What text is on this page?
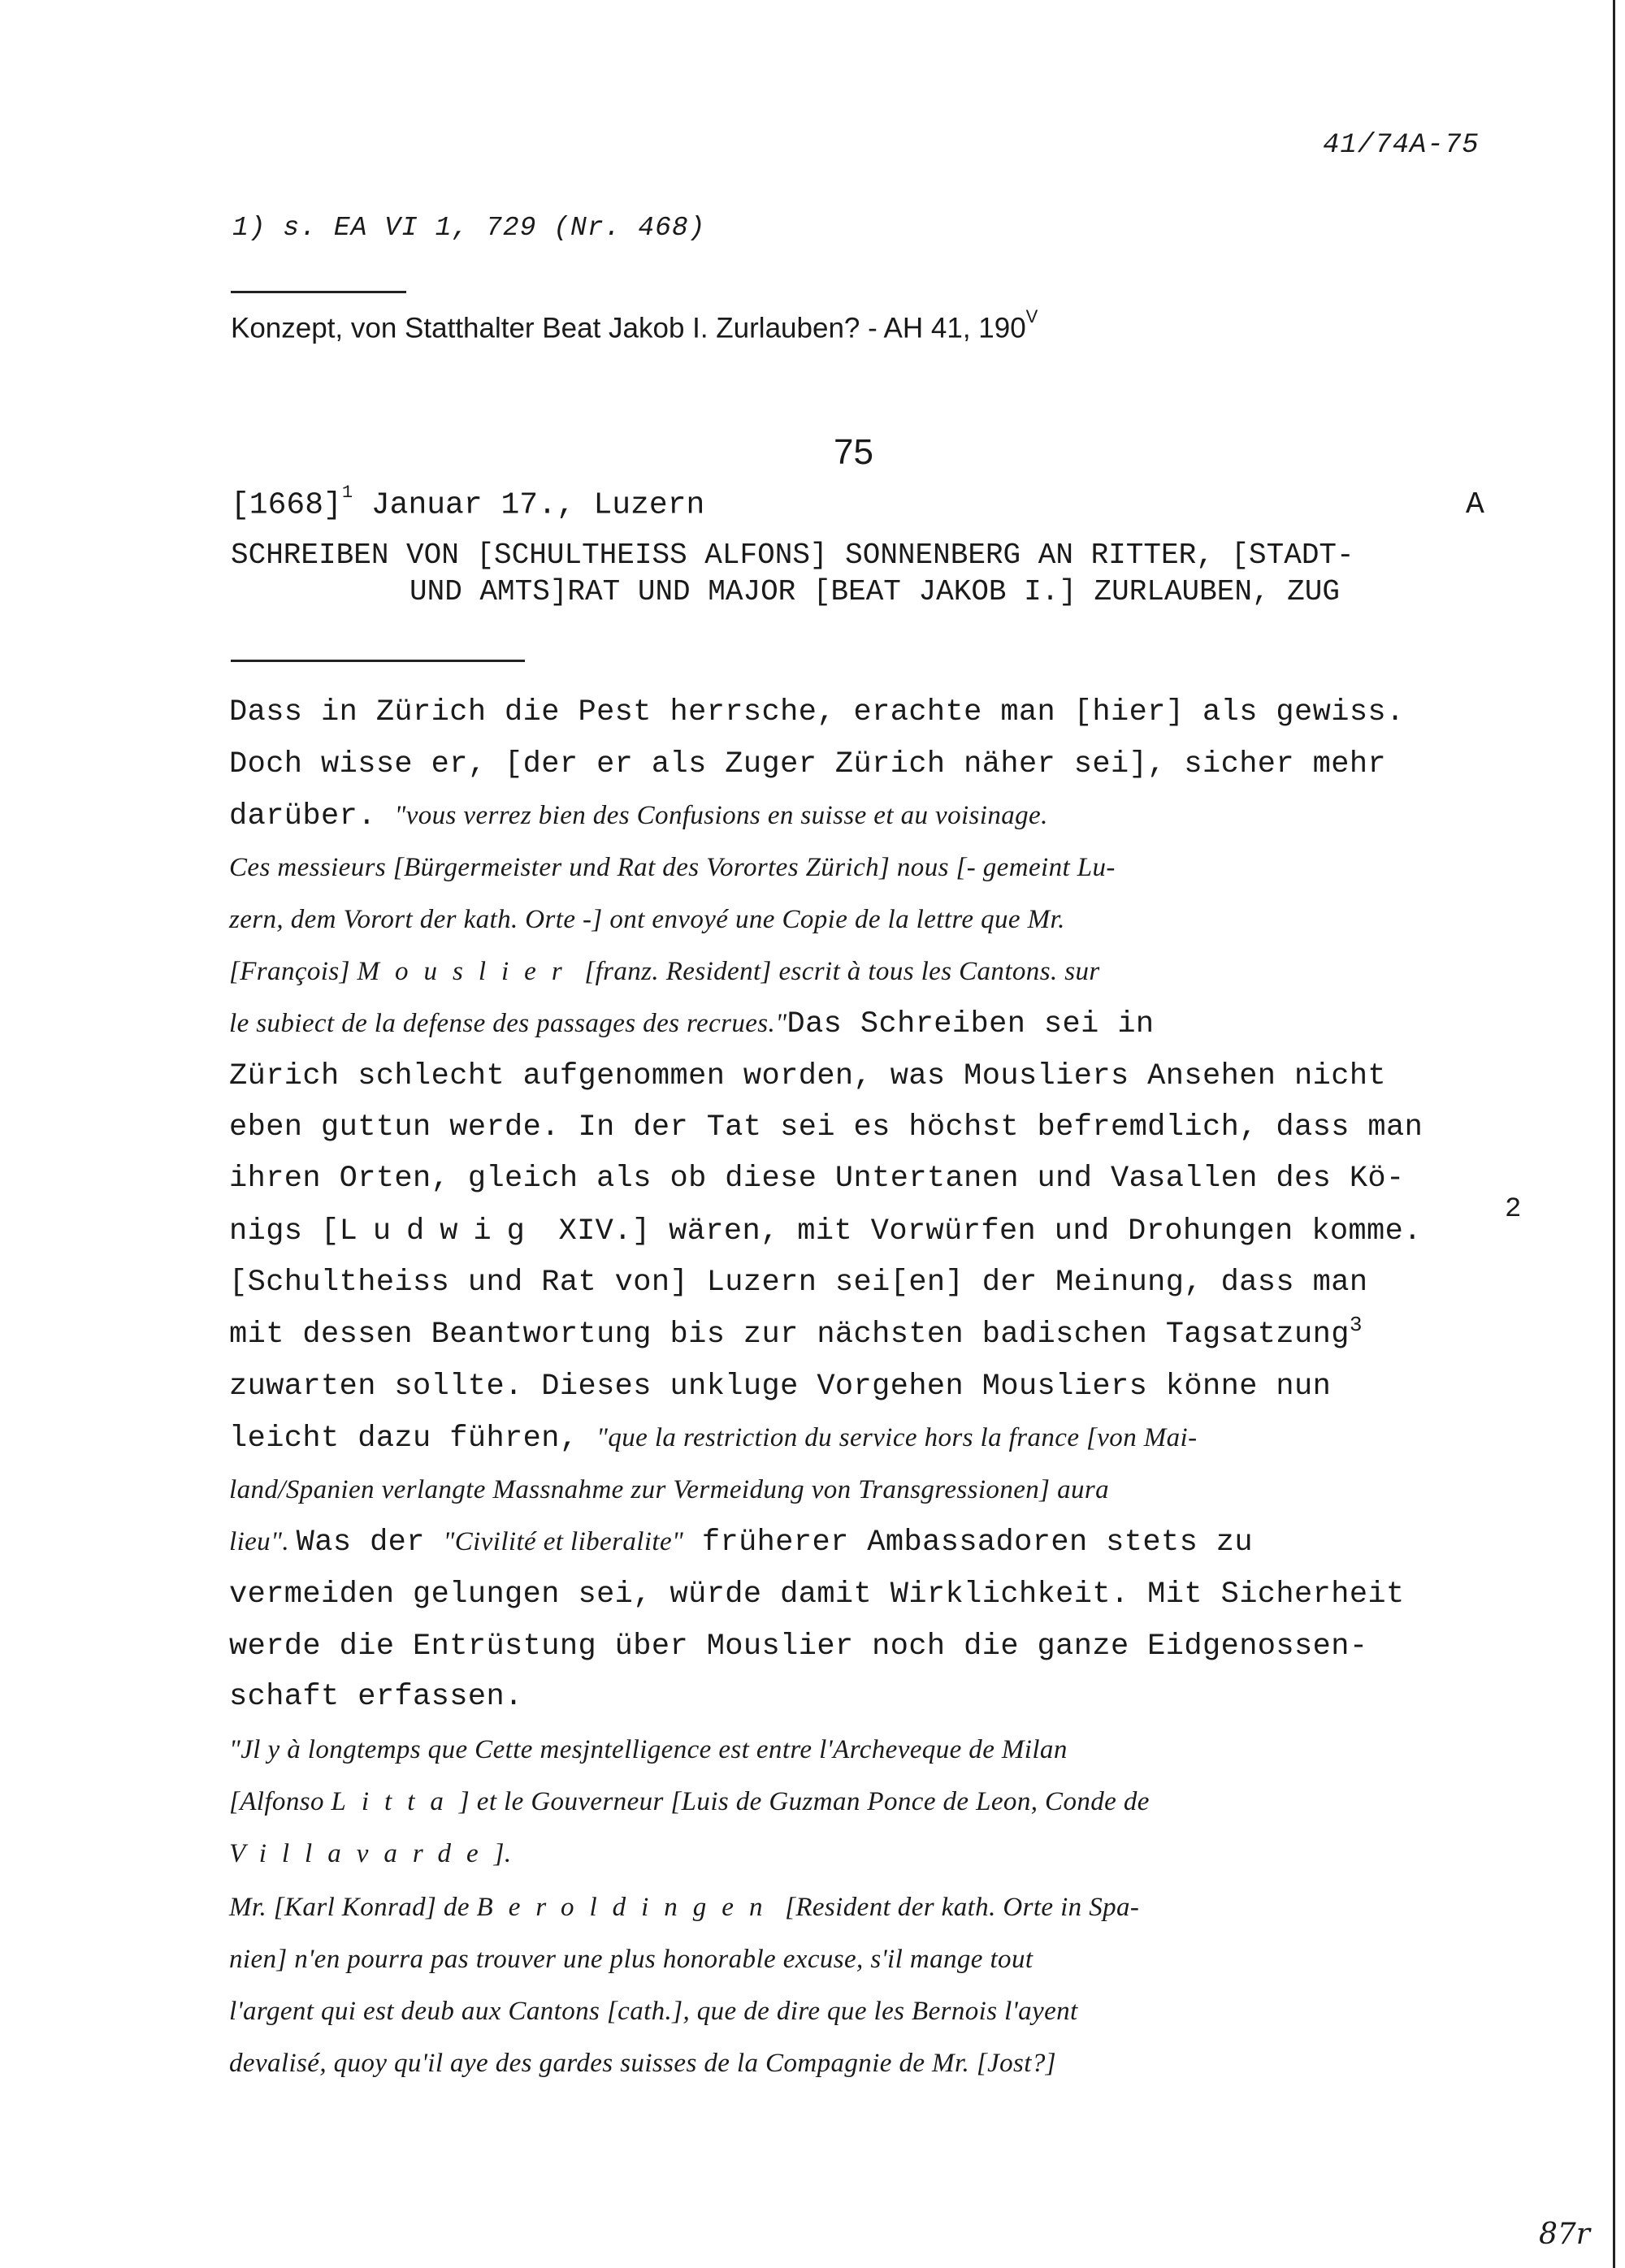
41/74A-75
1) s. EA VI 1, 729 (Nr. 468)
Konzept, von Statthalter Beat Jakob I. Zurlauben? - AH 41, $190^V$
75
$[1668]^1$ Januar 17., Luzern	A
SCHREIBEN VON [SCHULTHEISS ALFONS] SONNENBERG AN RITTER, [STADT-
UND AMTS]RAT UND MAJOR [BEAT JAKOB I.] ZURLAUBEN, ZUG
Dass in Zürich die Pest herrsche, erachte man [hier] als gewiss.
Doch wisse er, [der er als Zuger Zürich näher sei], sicher mehr
darüber. "vous verrez bien des Confusions en suisse et au voisinage.
Ces messieurs [Bürgermeister und Rat des Vorortes Zürich] nous [- gemeint Lu-
zern, dem Vorort der kath. Orte -] ont envoyé une Copie de la lettre que Mr.
[François] Mouslier [franz. Resident] escrit à tous les Cantons. sur
le subiect de la defense des passages des recrues."Das Schreiben sei in
Zürich schlecht aufgenommen worden, was Mousliers Ansehen nicht
eben guttun werde. In der Tat sei es höchst befremdlich, dass man
ihren Orten, gleich als ob diese Untertanen und Vasallen des Kö-
nigs [Ludwig XIV.] wären, mit Vorwürfen und Drohungen komme.
2
[Schultheiss und Rat von] Luzern sei[en] der Meinung, dass man
mit dessen Beantwortung bis zur nächsten badischen Tagsatzung$^3$
zuwarten sollte. Dieses unkluge Vorgehen Mousliers könne nun
leicht dazu führen, "que la restriction du service hors la france [von Mai-
land/Spanien verlangte Massnahme zur Vermeidung von Transgressionen] aura
lieu". Was der "Civilité et liberalite" früherer Ambassadoren stets zu
vermeiden gelungen sei, würde damit Wirklichkeit. Mit Sicherheit
werde die Entrüstung über Mouslier noch die ganze Eidgenossen-
schaft erfassen.
"Jl y à longtemps que Cette mesjntelligence est entre l'Archeveque de Milan
[Alfonso Litta] et le Gouverneur [Luis de Guzman Ponce de Leon, Conde de
Villavarde].
Mr. [Karl Konrad] de Beroldingen [Resident der kath. Orte in Spa-
nien] n'en pourra pas trouver une plus honorable excuse, s'il mange tout
l'argent qui est deub aux Cantons [cath.], que de dire que les Bernois l'ayent
devalisé, quoy qu'il aye des gardes suisses de la Compagnie de Mr. [Jost?]
87r
